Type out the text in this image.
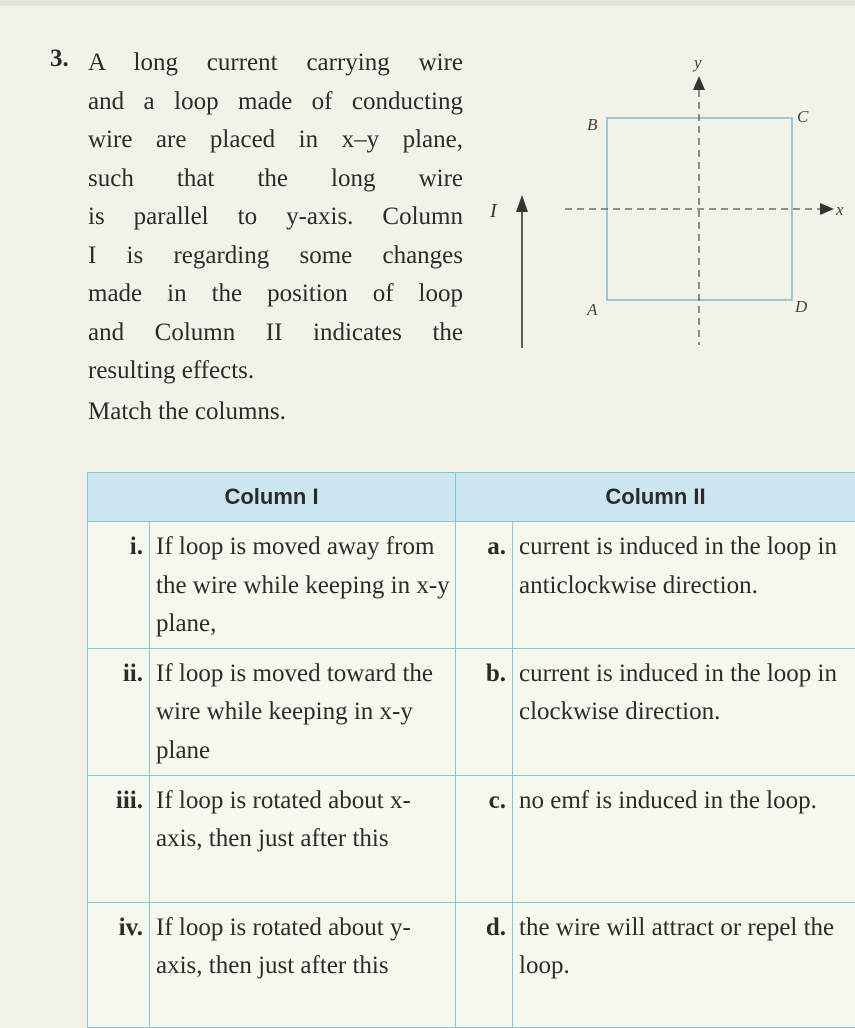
3. A long current carrying wire
and a loop made of conducting
wire are placed in x–y plane,
such that the long wire
is parallel to y-axis. Column
I is regarding some changes
made in the position of loop
and Column II indicates the
resulting effects.
Match the columns.
I
y
x
B	C
A	D
Column I		Column II	
i.	If loop is moved away from the wire while keeping in x-y plane,	a.	current is induced in the loop in anticlockwise direction.
ii.	If loop is moved toward the wire while keeping in x-y plane	b.	current is induced in the loop in clockwise direction.
iii.	If loop is rotated about x-axis, then just after this	c.	no emf is induced in the loop.
iv.	If loop is rotated about y-axis, then just after this	d.	the wire will attract or repel the loop.
